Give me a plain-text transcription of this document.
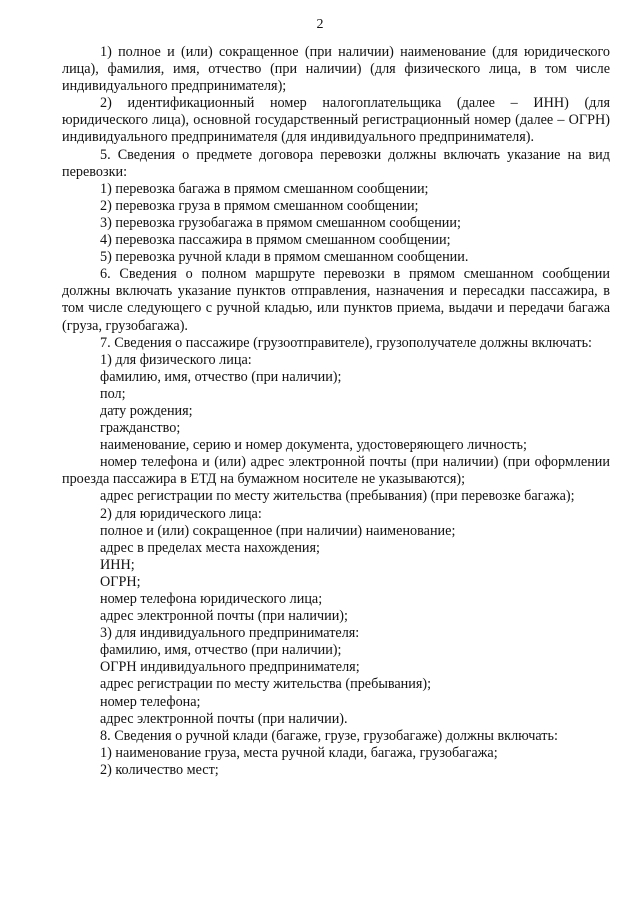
2
1) полное и (или) сокращенное (при наличии) наименование (для юридического лица), фамилия, имя, отчество (при наличии) (для физического лица, в том числе индивидуального предпринимателя);
2) идентификационный номер налогоплательщика (далее – ИНН) (для юридического лица), основной государственный регистрационный номер (далее – ОГРН) индивидуального предпринимателя (для индивидуального предпринимателя).
5. Сведения о предмете договора перевозки должны включать указание на вид перевозки:
1) перевозка багажа в прямом смешанном сообщении;
2) перевозка груза в прямом смешанном сообщении;
3) перевозка грузобагажа в прямом смешанном сообщении;
4) перевозка пассажира в прямом смешанном сообщении;
5) перевозка ручной клади в прямом смешанном сообщении.
6. Сведения о полном маршруте перевозки в прямом смешанном сообщении должны включать указание пунктов отправления, назначения и пересадки пассажира, в том числе следующего с ручной кладью, или пунктов приема, выдачи и передачи багажа (груза, грузобагажа).
7. Сведения о пассажире (грузоотправителе), грузополучателе должны включать:
1) для физического лица:
фамилию, имя, отчество (при наличии);
пол;
дату рождения;
гражданство;
наименование, серию и номер документа, удостоверяющего личность;
номер телефона и (или) адрес электронной почты (при наличии) (при оформлении проезда пассажира в ЕТД на бумажном носителе не указываются);
адрес регистрации по месту жительства (пребывания) (при перевозке багажа);
2) для юридического лица:
полное и (или) сокращенное (при наличии) наименование;
адрес в пределах места нахождения;
ИНН;
ОГРН;
номер телефона юридического лица;
адрес электронной почты (при наличии);
3) для индивидуального предпринимателя:
фамилию, имя, отчество (при наличии);
ОГРН индивидуального предпринимателя;
адрес регистрации по месту жительства (пребывания);
номер телефона;
адрес электронной почты (при наличии).
8. Сведения о ручной клади (багаже, грузе, грузобагаже) должны включать:
1) наименование груза, места ручной клади, багажа, грузобагажа;
2) количество мест;
